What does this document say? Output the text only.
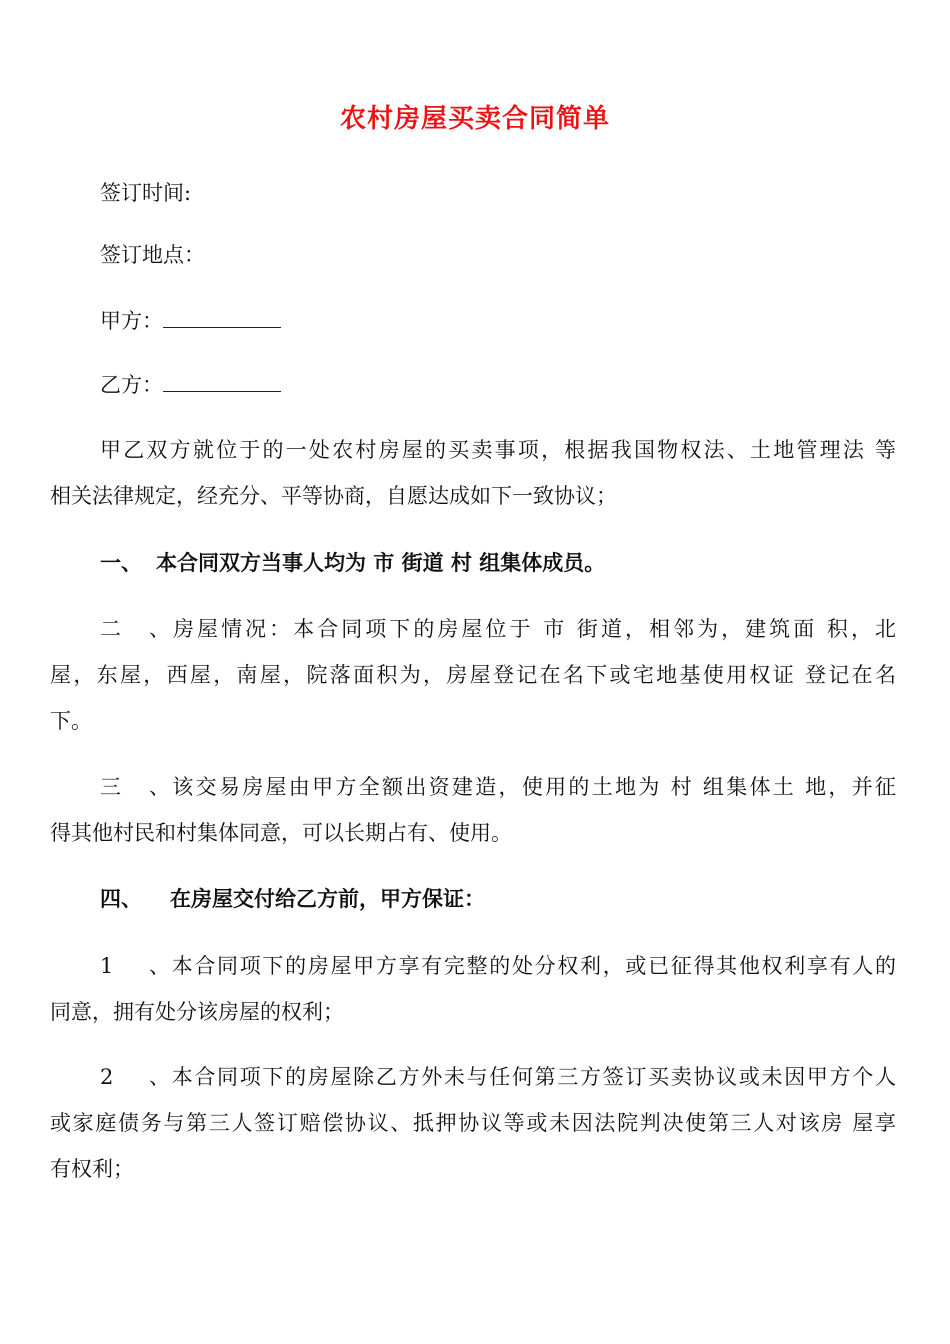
农村房屋买卖合同简单
签订时间:
签订地点：
甲方：
乙方：
甲乙双方就位于的一处农村房屋的买卖事项，根据我国物权法、土地管理法 等
相关法律规定，经充分、平等协商，自愿达成如下一致协议；
一、 本合同双方当事人均为 市 街道 村 组集体成员。
二、房屋情况：本合同项下的房屋位于 市 街道，相邻为，建筑面 积，北
屋，东屋，西屋，南屋，院落面积为，房屋登记在名下或宅地基使用权证 登记在名
下。
三、该交易房屋由甲方全额出资建造，使用的土地为 村 组集体土 地，并征
得其他村民和村集体同意，可以长期占有、使用。
四、 在房屋交付给乙方前，甲方保证：
1、本合同项下的房屋甲方享有完整的处分权利，或已征得其他权利享有人的
同意，拥有处分该房屋的权利；
2、本合同项下的房屋除乙方外未与任何第三方签订买卖协议或未因甲方个人
或家庭债务与第三人签订赔偿协议、抵押协议等或未因法院判决使第三人对该房 屋享
有权利；
